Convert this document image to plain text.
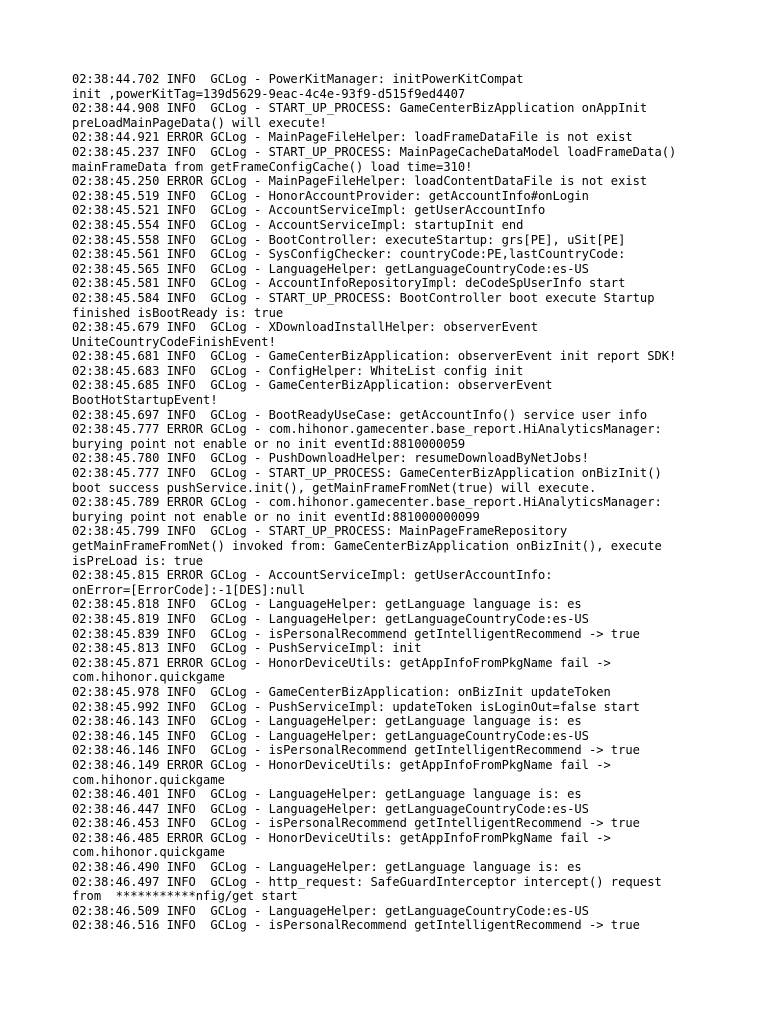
02:38:44.702 INFO  GCLog - PowerKitManager: initPowerKitCompat
init ,powerKitTag=139d5629-9eac-4c4e-93f9-d515f9ed4407
02:38:44.908 INFO  GCLog - START_UP_PROCESS: GameCenterBizApplication onAppInit
preLoadMainPageData() will execute!
02:38:44.921 ERROR GCLog - MainPageFileHelper: loadFrameDataFile is not exist
02:38:45.237 INFO  GCLog - START_UP_PROCESS: MainPageCacheDataModel loadFrameData()
mainFrameData from getFrameConfigCache() load time=310!
02:38:45.250 ERROR GCLog - MainPageFileHelper: loadContentDataFile is not exist
02:38:45.519 INFO  GCLog - HonorAccountProvider: getAccountInfo#onLogin
02:38:45.521 INFO  GCLog - AccountServiceImpl: getUserAccountInfo
02:38:45.554 INFO  GCLog - AccountServiceImpl: startupInit end
02:38:45.558 INFO  GCLog - BootController: executeStartup: grs[PE], uSit[PE]
02:38:45.561 INFO  GCLog - SysConfigChecker: countryCode:PE,lastCountryCode:
02:38:45.565 INFO  GCLog - LanguageHelper: getLanguageCountryCode:es-US
02:38:45.581 INFO  GCLog - AccountInfoRepositoryImpl: deCodeSpUserInfo start
02:38:45.584 INFO  GCLog - START_UP_PROCESS: BootController boot execute Startup
finished isBootReady is: true
02:38:45.679 INFO  GCLog - XDownloadInstallHelper: observerEvent
UniteCountryCodeFinishEvent!
02:38:45.681 INFO  GCLog - GameCenterBizApplication: observerEvent init report SDK!
02:38:45.683 INFO  GCLog - ConfigHelper: WhiteList config init
02:38:45.685 INFO  GCLog - GameCenterBizApplication: observerEvent
BootHotStartupEvent!
02:38:45.697 INFO  GCLog - BootReadyUseCase: getAccountInfo() service user info
02:38:45.777 ERROR GCLog - com.hihonor.gamecenter.base_report.HiAnalyticsManager:
burying point not enable or no init eventId:8810000059
02:38:45.780 INFO  GCLog - PushDownloadHelper: resumeDownloadByNetJobs!
02:38:45.777 INFO  GCLog - START_UP_PROCESS: GameCenterBizApplication onBizInit()
boot success pushService.init(), getMainFrameFromNet(true) will execute.
02:38:45.789 ERROR GCLog - com.hihonor.gamecenter.base_report.HiAnalyticsManager:
burying point not enable or no init eventId:881000000099
02:38:45.799 INFO  GCLog - START_UP_PROCESS: MainPageFrameRepository
getMainFrameFromNet() invoked from: GameCenterBizApplication onBizInit(), execute
isPreLoad is: true
02:38:45.815 ERROR GCLog - AccountServiceImpl: getUserAccountInfo:
onError=[ErrorCode]:-1[DES]:null
02:38:45.818 INFO  GCLog - LanguageHelper: getLanguage language is: es
02:38:45.819 INFO  GCLog - LanguageHelper: getLanguageCountryCode:es-US
02:38:45.839 INFO  GCLog - isPersonalRecommend getIntelligentRecommend -> true
02:38:45.813 INFO  GCLog - PushServiceImpl: init
02:38:45.871 ERROR GCLog - HonorDeviceUtils: getAppInfoFromPkgName fail ->
com.hihonor.quickgame
02:38:45.978 INFO  GCLog - GameCenterBizApplication: onBizInit updateToken
02:38:45.992 INFO  GCLog - PushServiceImpl: updateToken isLoginOut=false start
02:38:46.143 INFO  GCLog - LanguageHelper: getLanguage language is: es
02:38:46.145 INFO  GCLog - LanguageHelper: getLanguageCountryCode:es-US
02:38:46.146 INFO  GCLog - isPersonalRecommend getIntelligentRecommend -> true
02:38:46.149 ERROR GCLog - HonorDeviceUtils: getAppInfoFromPkgName fail ->
com.hihonor.quickgame
02:38:46.401 INFO  GCLog - LanguageHelper: getLanguage language is: es
02:38:46.447 INFO  GCLog - LanguageHelper: getLanguageCountryCode:es-US
02:38:46.453 INFO  GCLog - isPersonalRecommend getIntelligentRecommend -> true
02:38:46.485 ERROR GCLog - HonorDeviceUtils: getAppInfoFromPkgName fail ->
com.hihonor.quickgame
02:38:46.490 INFO  GCLog - LanguageHelper: getLanguage language is: es
02:38:46.497 INFO  GCLog - http_request: SafeGuardInterceptor intercept() request
from  ***********nfig/get start
02:38:46.509 INFO  GCLog - LanguageHelper: getLanguageCountryCode:es-US
02:38:46.516 INFO  GCLog - isPersonalRecommend getIntelligentRecommend -> true
